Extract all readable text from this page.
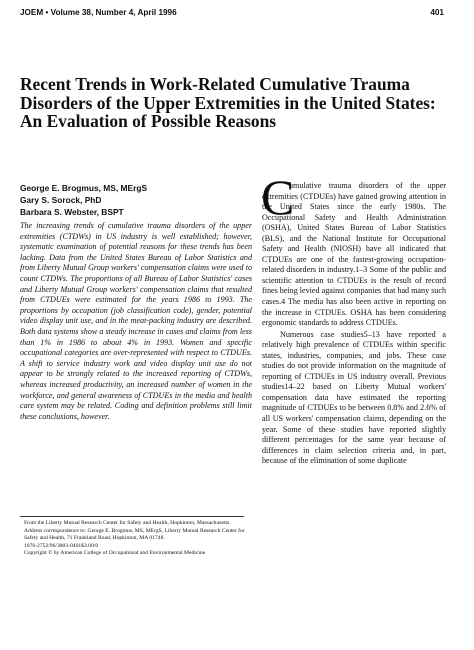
JOEM • Volume 38, Number 4, April 1996	401
Recent Trends in Work-Related Cumulative Trauma Disorders of the Upper Extremities in the United States: An Evaluation of Possible Reasons
George E. Brogmus, MS, MErgS
Gary S. Sorock, PhD
Barbara S. Webster, BSPT

The increasing trends of cumulative trauma disorders of the upper extremities (CTDWs) in US industry is well established; however, systematic examination of potential reasons for these trends has been lacking. Data from the United States Bureau of Labor Statistics and from Liberty Mutual Group workers' compensation claims were used to count CTDWs. The proportions of all Bureau of Labor Statistics' cases and Liberty Mutual Group workers' compensation claims that resulted from CTDUEs were estimated for the years 1986 to 1993. The proportions by occupation (job classification code), gender, potential video display unit use, and in the meat-packing industry are described. Both data systems show a steady increase in cases and claims from less than 1% in 1986 to about 4% in 1993. Women and specific occupational categories are over-represented with respect to CTDUEs. A shift to service industry work and video display unit use do not appear to be strongly related to the increased reporting of CTDWs, whereas increased productivity, an increased number of women in the workforce, and general awareness of CTDUEs in the media and health care system may be related. Coding and definition problems still limit these conclusions, however.

C

umulative trauma disorders of the upper extremities (CTDUEs) have gained growing attention in the United States since the early 1980s. The Occupational Safety and Health Administration (OSHA), United States Bureau of Labor Statistics (BLS), and the National Institute for Occupational Safety and Health (NIOSH) have all indicated that CTDUEs are one of the fastest-growing occupation-related disorders in industry.1–3 Some of the public and scientific attention to CTDUEs is the result of record fines being levied against companies that had many such cases.4 The media has also been active in reporting on the increase in CTDUEs. OSHA has been considering ergonomic standards to address CTDUEs.

Numerous case studies5–13 have reported a relatively high prevalence of CTDUEs within specific states, industries, companies, and jobs. These case studies do not provide information on the magnitude of reporting of CTDUEs in US industry overall. Previous studies14–22 based on Liberty Mutual workers' compensation data have estimated the reporting magnitude of CTDUEs to be between 0.8% and 2.6% of all US workers' compensation claims, depending on the year. Some of these studies have reported slightly different percentages for the same year because of differences in claim selection criteria and, in part, because of the elimination of some duplicate

From the Liberty Mutual Research Center for Safety and Health, Hopkinton, Massachusetts.
Address correspondence to: George E. Brogmus, MS, MErgS, Liberty Mutual Research Center for
Safety and Health, 71 Frankland Road, Hopkinton, MA 01748.
1076-2752/96/3803-0401$3.00/0
Copyright © by American College of Occupational and Environmental Medicine
